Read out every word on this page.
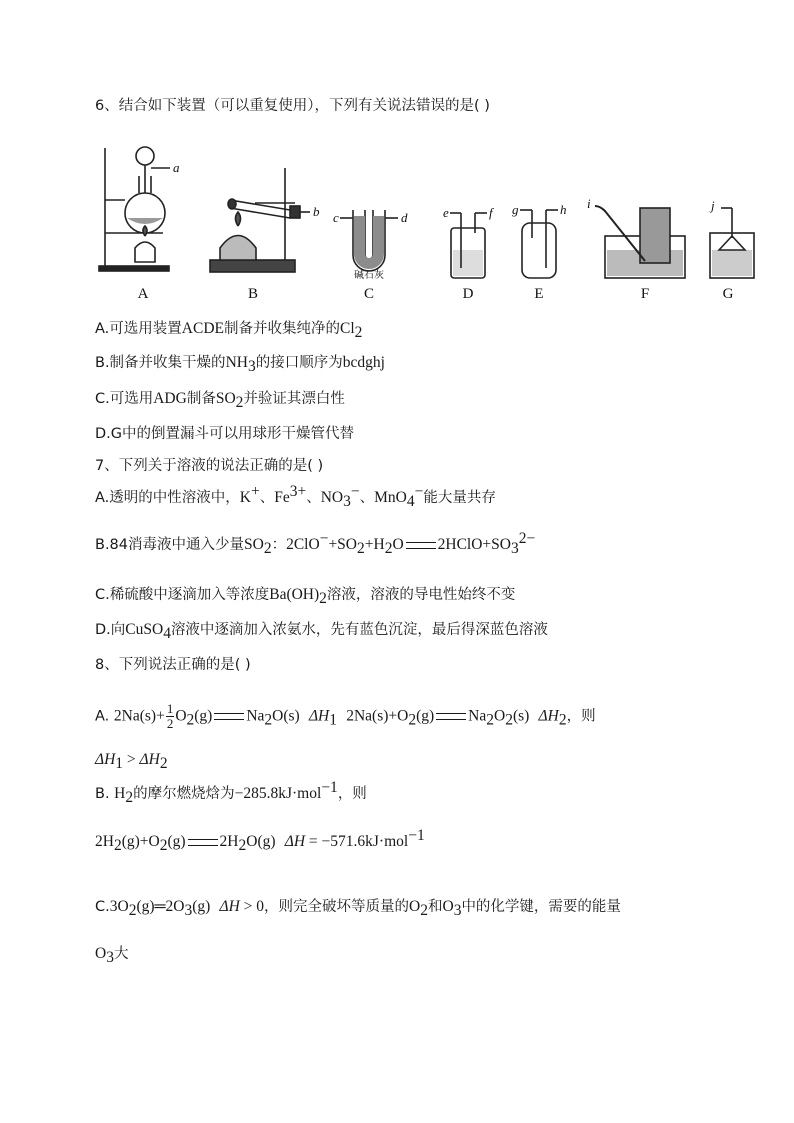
6、结合如下装置（可以重复使用），下列有关说法错误的是( )
A	B	C	D	E	F	G
a
b c	d	e	f g	h i	j
碱石灰
A.可选用装置ACDE制备并收集纯净的$Cl_2$
B.制备并收集干燥的$NH_3$的接口顺序为bcdghj
C.可选用ADG制备$SO_2$并验证其漂白性
D.G中的倒置漏斗可以用球形干燥管代替
7、下列关于溶液的说法正确的是( )
A.透明的中性溶液中，K+、$Fe^{3+}$、$NO_3^-$、MnO$_4$−能大量共存
B.84消毒液中通入少量$SO_2$：$2ClO^-+SO_2+H_2O$ $2HClO+SO_3^{2-}$
C.稀硫酸中逐滴加入等浓度$Ba(OH)_2$溶液，溶液的导电性始终不变
D.向CuSO$_4$溶液中逐滴加入浓氨水，先有蓝色沉淀，最后得深蓝色溶液
8、下列说法正确的是( )
A. $2Na(s)+ \frac{1}{2} O_2(g)$ $Na_2O(s)$ $\Delta H_1$ $2Na(s)+O_2(g)$ $Na_2O_2(s)$ $\Delta H_2$，则
$\Delta H_1 > \Delta H_2$
B. $H_2$的摩尔燃烧焓为−285.8kJ·mol$^{-1}$，则
$2H_2(g)+O_2(g)$ $2H_2O(g) \Delta H = -571.6kJ\cdot mol^{-1}$
$C.3O_2(g)═2O_3(g) \Delta H > 0$，则完全破坏等质量的$O_2$和$O_3$中的化学键，需要的能量
$O_3$大
